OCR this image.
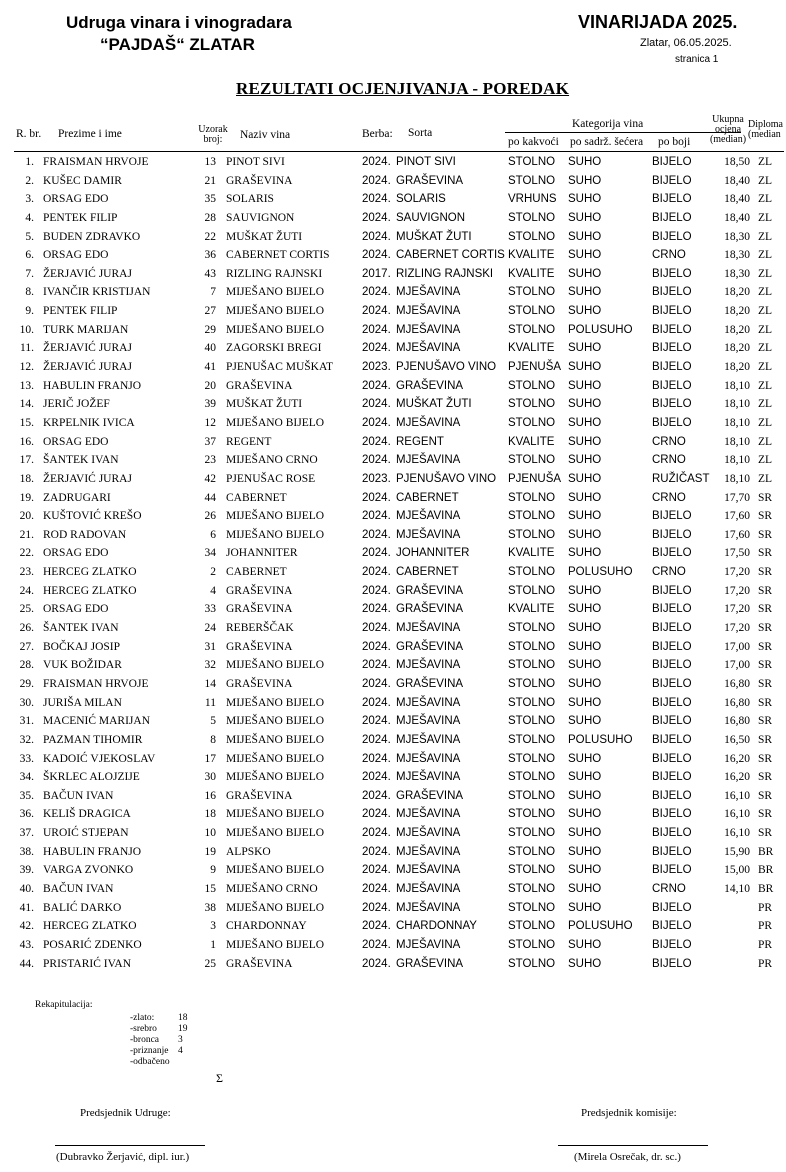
Udruga vinara i vinogradara
“PAJDAŠ“ ZLATAR
VINARIJADA 2025.
Zlatar, 06.05.2025.
stranica 1
REZULTATI OCJENJIVANJA - POREDAK
R. br. Prezime i ime	Uzorak
broj:	Naziv vina	Berba: Sorta
Kategorija vina
po kakvoći po sadrž. šećera po boji
Ukupna
ocjena
(median)
Diploma
(median
1. FRAISMAN HRVOJE	13 PINOT SIVI	2024. PINOT SIVI	STOLNO SUHO	BIJELO	18,50 ZL
2. KUŠEC DAMIR	21 GRAŠEVINA	2024. GRAŠEVINA	STOLNO SUHO	BIJELO	18,40 ZL
3. ORSAG EDO	35 SOLARIS	2024. SOLARIS	VRHUNS SUHO	BIJELO	18,40 ZL
4. PENTEK FILIP	28 SAUVIGNON	2024. SAUVIGNON	STOLNO SUHO	BIJELO	18,40 ZL
5. BUDEN ZDRAVKO	22 MUŠKAT ŽUTI	2024. MUŠKAT ŽUTI	STOLNO SUHO	BIJELO	18,30 ZL
6. ORSAG EDO	36 CABERNET CORTIS	2024. CABERNET CORTIS KVALITE SUHO	CRNO	18,30 ZL
7. ŽERJAVIĆ JURAJ	43 RIZLING RAJNSKI	2017. RIZLING RAJNSKI KVALITE SUHO	BIJELO	18,30 ZL
8. IVANČIR KRISTIJAN	7 MIJEŠANO BIJELO	2024. MJEŠAVINA	STOLNO SUHO	BIJELO	18,20 ZL
9. PENTEK FILIP	27 MIJEŠANO BIJELO	2024. MJEŠAVINA	STOLNO SUHO	BIJELO	18,20 ZL
10. TURK MARIJAN	29 MIJEŠANO BIJELO	2024. MJEŠAVINA	STOLNO POLUSUHO BIJELO	18,20 ZL
11. ŽERJAVIĆ JURAJ	40 ZAGORSKI BREGI	2024. MJEŠAVINA	KVALITE SUHO	BIJELO	18,20 ZL
12. ŽERJAVIĆ JURAJ	41 PJENUŠAC MUŠKAT	2023. PJENUŠAVO VINO PJENUŠA SUHO	BIJELO	18,20 ZL
13. HABULIN FRANJO	20 GRAŠEVINA	2024. GRAŠEVINA	STOLNO SUHO	BIJELO	18,10 ZL
14. JERIČ JOŽEF	39 MUŠKAT ŽUTI	2024. MUŠKAT ŽUTI	STOLNO SUHO	BIJELO	18,10 ZL
15. KRPELNIK IVICA	12 MIJEŠANO BIJELO	2024. MJEŠAVINA	STOLNO SUHO	BIJELO	18,10 ZL
16. ORSAG EDO	37 REGENT	2024. REGENT	KVALITE SUHO	CRNO	18,10 ZL
17. ŠANTEK IVAN	23 MIJEŠANO CRNO	2024. MJEŠAVINA	STOLNO SUHO	CRNO	18,10 ZL
18. ŽERJAVIĆ JURAJ	42 PJENUŠAC ROSE	2023. PJENUŠAVO VINO PJENUŠA SUHO	RUŽIČAST	18,10 ZL
19. ZADRUGARI	44 CABERNET	2024. CABERNET	STOLNO SUHO	CRNO	17,70 SR
20. KUŠTOVIĆ KREŠO	26 MIJEŠANO BIJELO	2024. MJEŠAVINA	STOLNO SUHO	BIJELO	17,60 SR
21. ROD RADOVAN	6 MIJEŠANO BIJELO	2024. MJEŠAVINA	STOLNO SUHO	BIJELO	17,60 SR
22. ORSAG EDO	34 JOHANNITER	2024. JOHANNITER	KVALITE SUHO	BIJELO	17,50 SR
23. HERCEG ZLATKO	2 CABERNET	2024. CABERNET	STOLNO POLUSUHO CRNO	17,20 SR
24. HERCEG ZLATKO	4 GRAŠEVINA	2024. GRAŠEVINA	STOLNO SUHO	BIJELO	17,20 SR
25. ORSAG EDO	33 GRAŠEVINA	2024. GRAŠEVINA	KVALITE SUHO	BIJELO	17,20 SR
26. ŠANTEK IVAN	24 REBERŠČAK	2024. MJEŠAVINA	STOLNO SUHO	BIJELO	17,20 SR
27. BOČKAJ JOSIP	31 GRAŠEVINA	2024. GRAŠEVINA	STOLNO SUHO	BIJELO	17,00 SR
28. VUK BOŽIDAR	32 MIJEŠANO BIJELO	2024. MJEŠAVINA	STOLNO SUHO	BIJELO	17,00 SR
29. FRAISMAN HRVOJE	14 GRAŠEVINA	2024. GRAŠEVINA	STOLNO SUHO	BIJELO	16,80 SR
30. JURIŠA MILAN	11 MIJEŠANO BIJELO	2024. MJEŠAVINA	STOLNO SUHO	BIJELO	16,80 SR
31. MACENIĆ MARIJAN	5 MIJEŠANO BIJELO	2024. MJEŠAVINA	STOLNO SUHO	BIJELO	16,80 SR
32. PAZMAN TIHOMIR	8 MIJEŠANO BIJELO	2024. MJEŠAVINA	STOLNO POLUSUHO BIJELO	16,50 SR
33. KADOIĆ VJEKOSLAV	17 MIJEŠANO BIJELO	2024. MJEŠAVINA	STOLNO SUHO	BIJELO	16,20 SR
34. ŠKRLEC ALOJZIJE	30 MIJEŠANO BIJELO	2024. MJEŠAVINA	STOLNO SUHO	BIJELO	16,20 SR
35. BAČUN IVAN	16 GRAŠEVINA	2024. GRAŠEVINA	STOLNO SUHO	BIJELO	16,10 SR
36. KELIŠ DRAGICA	18 MIJEŠANO BIJELO	2024. MJEŠAVINA	STOLNO SUHO	BIJELO	16,10 SR
37. UROIĆ STJEPAN	10 MIJEŠANO BIJELO	2024. MJEŠAVINA	STOLNO SUHO	BIJELO	16,10 SR
38. HABULIN FRANJO	19 ALPSKO	2024. MJEŠAVINA	STOLNO SUHO	BIJELO	15,90 BR
39. VARGA ZVONKO	9 MIJEŠANO BIJELO	2024. MJEŠAVINA	STOLNO SUHO	BIJELO	15,00 BR
40. BAČUN IVAN	15 MIJEŠANO CRNO	2024. MJEŠAVINA	STOLNO SUHO	CRNO	14,10 BR
41. BALIĆ DARKO	38 MIJEŠANO BIJELO	2024. MJEŠAVINA	STOLNO SUHO	BIJELO	PR
42. HERCEG ZLATKO	3 CHARDONNAY	2024. CHARDONNAY	STOLNO POLUSUHO BIJELO	PR
43. POSARIĆ ZDENKO	1 MIJEŠANO BIJELO	2024. MJEŠAVINA	STOLNO SUHO	BIJELO	PR
44. PRISTARIĆ IVAN	25 GRAŠEVINA	2024. GRAŠEVINA	STOLNO SUHO	BIJELO	PR
Rekapitulacija:
-zlato: 18
-srebro 19
-bronca 3
-priznanje 4
-odbačeno
Σ
Predsjednik Udruge:
(Dubravko Žerjavić, dipl. iur.)
Predsjednik komisije:
(Mirela Osrečak, dr. sc.)
